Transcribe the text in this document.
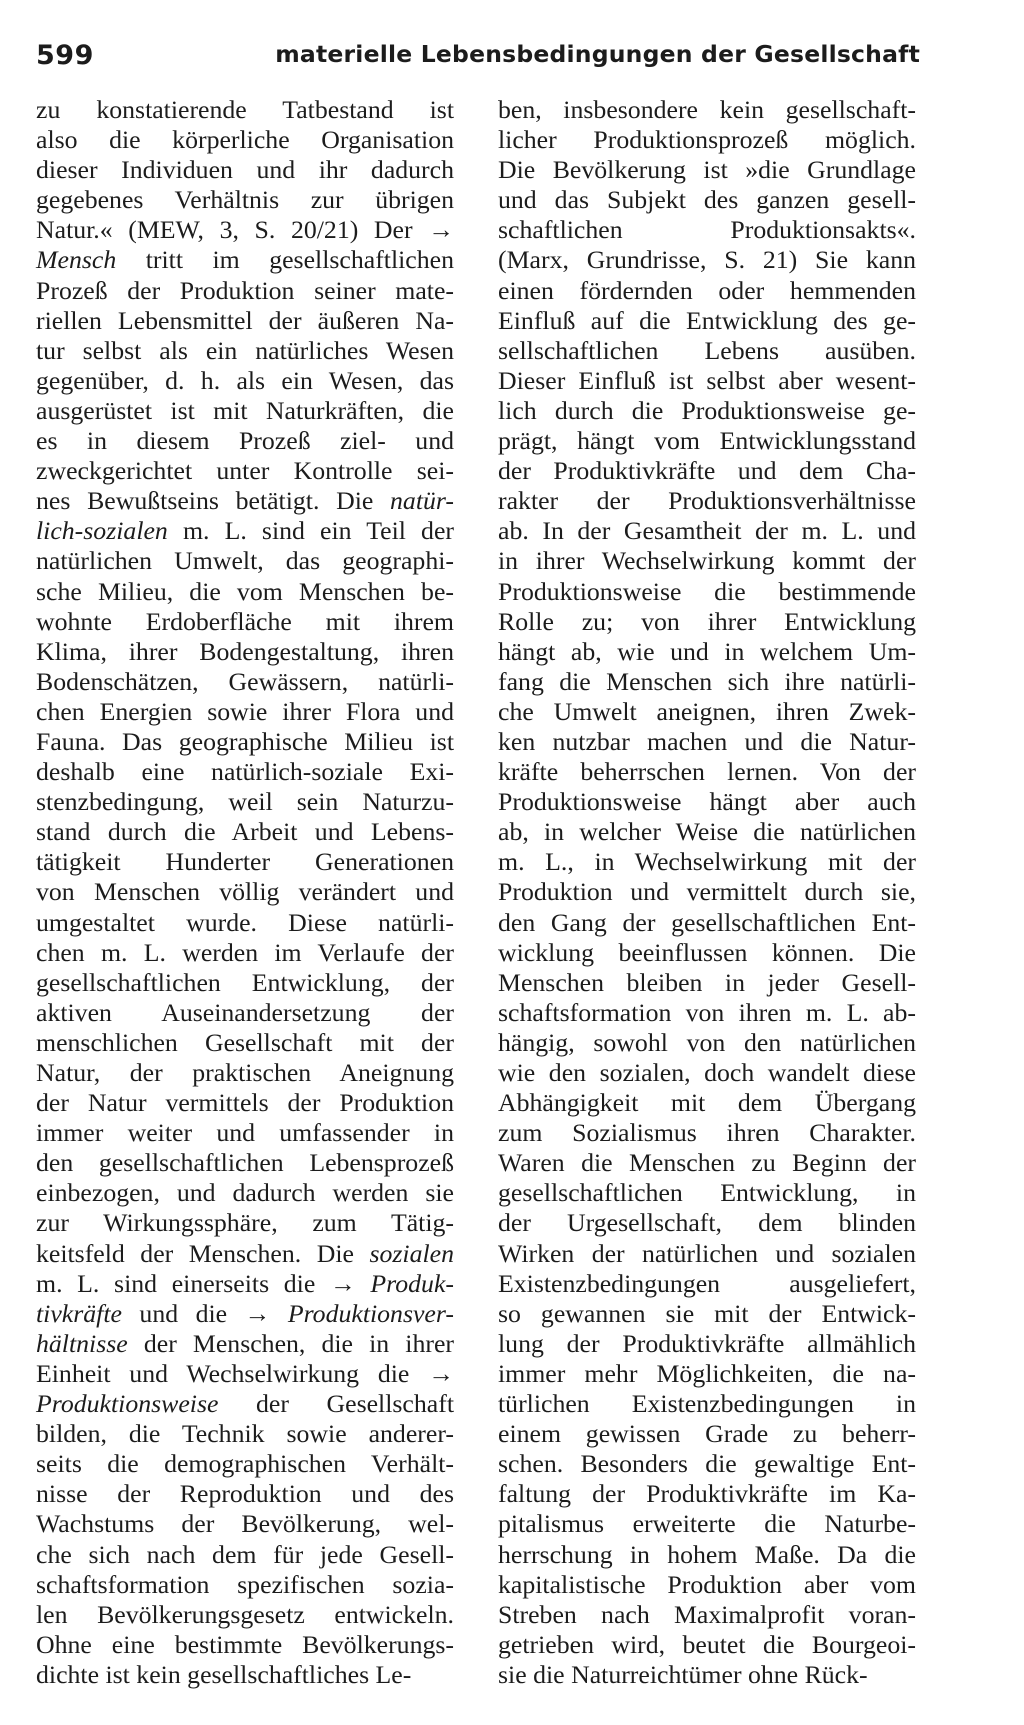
599	materielle Lebensbedingungen der Gesellschaft
zu konstatierende Tatbestand ist
also die körperliche Organisation
dieser Individuen und ihr dadurch
gegebenes Verhältnis zur übrigen
Natur.« (MEW, 3, S. 20/21) Der →
Mensch tritt im gesellschaftlichen
Prozeß der Produktion seiner mate-
riellen Lebensmittel der äußeren Na-
tur selbst als ein natürliches Wesen
gegenüber, d. h. als ein Wesen, das
ausgerüstet ist mit Naturkräften, die
es in diesem Prozeß ziel- und
zweckgerichtet unter Kontrolle sei-
nes Bewußtseins betätigt. Die natür-
lich-sozialen m. L. sind ein Teil der
natürlichen Umwelt, das geographi-
sche Milieu, die vom Menschen be-
wohnte Erdoberfläche mit ihrem
Klima, ihrer Bodengestaltung, ihren
Bodenschätzen, Gewässern, natürli-
chen Energien sowie ihrer Flora und
Fauna. Das geographische Milieu ist
deshalb eine natürlich-soziale Exi-
stenzbedingung, weil sein Naturzu-
stand durch die Arbeit und Lebens-
tätigkeit Hunderter Generationen
von Menschen völlig verändert und
umgestaltet wurde. Diese natürli-
chen m. L. werden im Verlaufe der
gesellschaftlichen Entwicklung, der
aktiven Auseinandersetzung der
menschlichen Gesellschaft mit der
Natur, der praktischen Aneignung
der Natur vermittels der Produktion
immer weiter und umfassender in
den gesellschaftlichen Lebensprozeß
einbezogen, und dadurch werden sie
zur Wirkungssphäre, zum Tätig-
keitsfeld der Menschen. Die sozialen
m. L. sind einerseits die → Produk-
tivkräfte und die → Produktionsver-
hältnisse der Menschen, die in ihrer
Einheit und Wechselwirkung die →
Produktionsweise der Gesellschaft
bilden, die Technik sowie anderer-
seits die demographischen Verhält-
nisse der Reproduktion und des
Wachstums der Bevölkerung, wel-
che sich nach dem für jede Gesell-
schaftsformation spezifischen sozia-
len Bevölkerungsgesetz entwickeln.
Ohne eine bestimmte Bevölkerungs-
dichte ist kein gesellschaftliches Le-
ben, insbesondere kein gesellschaft-
licher Produktionsprozeß möglich.
Die Bevölkerung ist »die Grundlage
und das Subjekt des ganzen gesell-
schaftlichen Produktionsakts«.
(Marx, Grundrisse, S. 21) Sie kann
einen fördernden oder hemmenden
Einfluß auf die Entwicklung des ge-
sellschaftlichen Lebens ausüben.
Dieser Einfluß ist selbst aber wesent-
lich durch die Produktionsweise ge-
prägt, hängt vom Entwicklungsstand
der Produktivkräfte und dem Cha-
rakter der Produktionsverhältnisse
ab. In der Gesamtheit der m. L. und
in ihrer Wechselwirkung kommt der
Produktionsweise die bestimmende
Rolle zu; von ihrer Entwicklung
hängt ab, wie und in welchem Um-
fang die Menschen sich ihre natürli-
che Umwelt aneignen, ihren Zwek-
ken nutzbar machen und die Natur-
kräfte beherrschen lernen. Von der
Produktionsweise hängt aber auch
ab, in welcher Weise die natürlichen
m. L., in Wechselwirkung mit der
Produktion und vermittelt durch sie,
den Gang der gesellschaftlichen Ent-
wicklung beeinflussen können. Die
Menschen bleiben in jeder Gesell-
schaftsformation von ihren m. L. ab-
hängig, sowohl von den natürlichen
wie den sozialen, doch wandelt diese
Abhängigkeit mit dem Übergang
zum Sozialismus ihren Charakter.
Waren die Menschen zu Beginn der
gesellschaftlichen Entwicklung, in
der Urgesellschaft, dem blinden
Wirken der natürlichen und sozialen
Existenzbedingungen ausgeliefert,
so gewannen sie mit der Entwick-
lung der Produktivkräfte allmählich
immer mehr Möglichkeiten, die na-
türlichen Existenzbedingungen in
einem gewissen Grade zu beherr-
schen. Besonders die gewaltige Ent-
faltung der Produktivkräfte im Ka-
pitalismus erweiterte die Naturbe-
herrschung in hohem Maße. Da die
kapitalistische Produktion aber vom
Streben nach Maximalprofit voran-
getrieben wird, beutet die Bourgeoi-
sie die Naturreichtümer ohne Rück-
